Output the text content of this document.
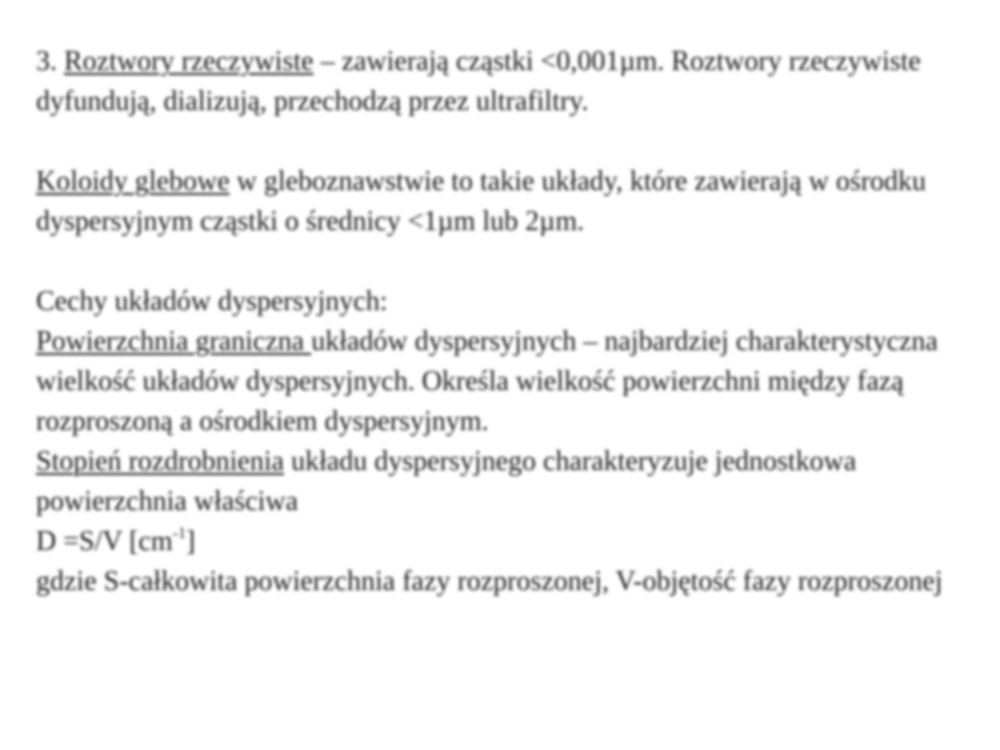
3. Roztwory rzeczywiste – zawierają cząstki <0,001µm. Roztwory rzeczywiste dyfundują, dializują, przechodzą przez ultrafiltry.

Koloidy glebowe w gleboznawstwie to takie układy, które zawierają w ośrodku dyspersyjnym cząstki o średnicy <1µm lub 2µm.

Cechy układów dyspersyjnych:
Powierzchnia graniczna układów dyspersyjnych – najbardziej charakterystyczna wielkość układów dyspersyjnych. Określa wielkość powierzchni między fazą rozproszoną a ośrodkiem dyspersyjnym.
Stopień rozdrobnienia układu dyspersyjnego charakteryzuje jednostkowa powierzchnia właściwa
D =S/V $[cm^{-1}]$
gdzie S-całkowita powierzchnia fazy rozproszonej, V-objętość fazy rozproszonej
